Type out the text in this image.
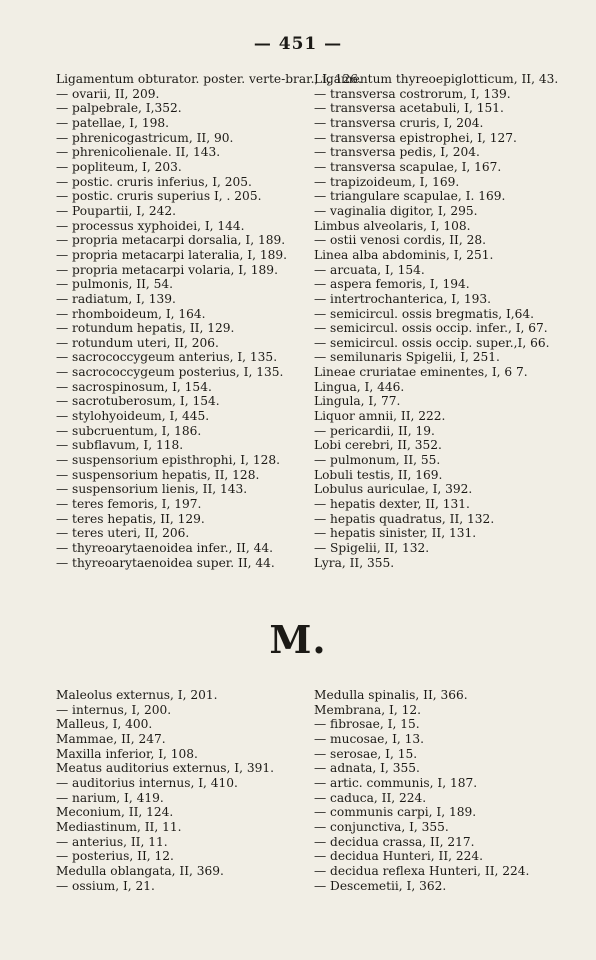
— 451 —
Ligamentum obturator. poster. verte-brar., I, 126.
— ovarii, II, 209.
— palpebrale, I,352.
— patellae, I, 198.
— phrenicogastricum, II, 90.
— phrenicolienale. II, 143.
— popliteum, I, 203.
— postic. cruris inferius, I, 205.
— postic. cruris superius I, . 205.
— Poupartii, I, 242.
— processus xyphoidei, I, 144.
— propria metacarpi dorsalia, I, 189.
— propria metacarpi lateralia, I, 189.
— propria metacarpi volaria, I, 189.
— pulmonis, II, 54.
— radiatum, I, 139.
— rhomboideum, I, 164.
— rotundum hepatis, II, 129.
— rotundum uteri, II, 206.
— sacrococcygeum anterius, I, 135.
— sacrococcygeum posterius, I, 135.
— sacrospinosum, I, 154.
— sacrotuberosum, I, 154.
— stylohyoideum, I, 445.
— subcruentum, I, 186.
— subflavum, I, 118.
— suspensorium episthrophi, I, 128.
— suspensorium hepatis, II, 128.
— suspensorium lienis, II, 143.
— teres femoris, I, 197.
— teres hepatis, II, 129.
— teres uteri, II, 206.
— thyreoarytaenoidea infer., II, 44.
— thyreoarytaenoidea super. II, 44.
Ligamentum thyreoepiglotticum, II, 43.
— transversa costrorum, I, 139.
— transversa acetabuli, I, 151.
— transversa cruris, I, 204.
— transversa epistrophei, I, 127.
— transversa pedis, I, 204.
— transversa scapulae, I, 167.
— trapizoideum, I, 169.
— triangulare scapulae, I. 169.
— vaginalia digitor, I, 295.
Limbus alveolaris, I, 108.
— ostii venosi cordis, II, 28.
Linea alba abdominis, I, 251.
— arcuata, I, 154.
— aspera femoris, I, 194.
— intertrochanterica, I, 193.
— semicircul. ossis bregmatis, I,64.
— semicircul. ossis occip. infer., I, 67.
— semicircul. ossis occip. super.,I, 66.
— semilunaris Spigelii, I, 251.
Lineae cruriatae eminentes, I, 6 7.
Lingua, I, 446.
Lingula, I, 77.
Liquor amnii, II, 222.
— pericardii, II, 19.
Lobi cerebri, II, 352.
— pulmonum, II, 55.
Lobuli testis, II, 169.
Lobulus auriculae, I, 392.
— hepatis dexter, II, 131.
— hepatis quadratus, II, 132.
— hepatis sinister, II, 131.
— Spigelii, II, 132.
Lyra, II, 355.
M.
Maleolus externus, I, 201.
— internus, I, 200.
Malleus, I, 400.
Mammae, II, 247.
Maxilla inferior, I, 108.
Meatus auditorius externus, I, 391.
— auditorius internus, I, 410.
— narium, I, 419.
Meconium, II, 124.
Mediastinum, II, 11.
— anterius, II, 11.
— posterius, II, 12.
Medulla oblangata, II, 369.
— ossium, I, 21.
Medulla spinalis, II, 366.
Membrana, I, 12.
— fibrosae, I, 15.
— mucosae, I, 13.
— serosae, I, 15.
— adnata, I, 355.
— artic. communis, I, 187.
— caduca, II, 224.
— communis carpi, I, 189.
— conjunctiva, I, 355.
— decidua crassa, II, 217.
— decidua Hunteri, II, 224.
— decidua reflexa Hunteri, II, 224.
— Descemetii, I, 362.
